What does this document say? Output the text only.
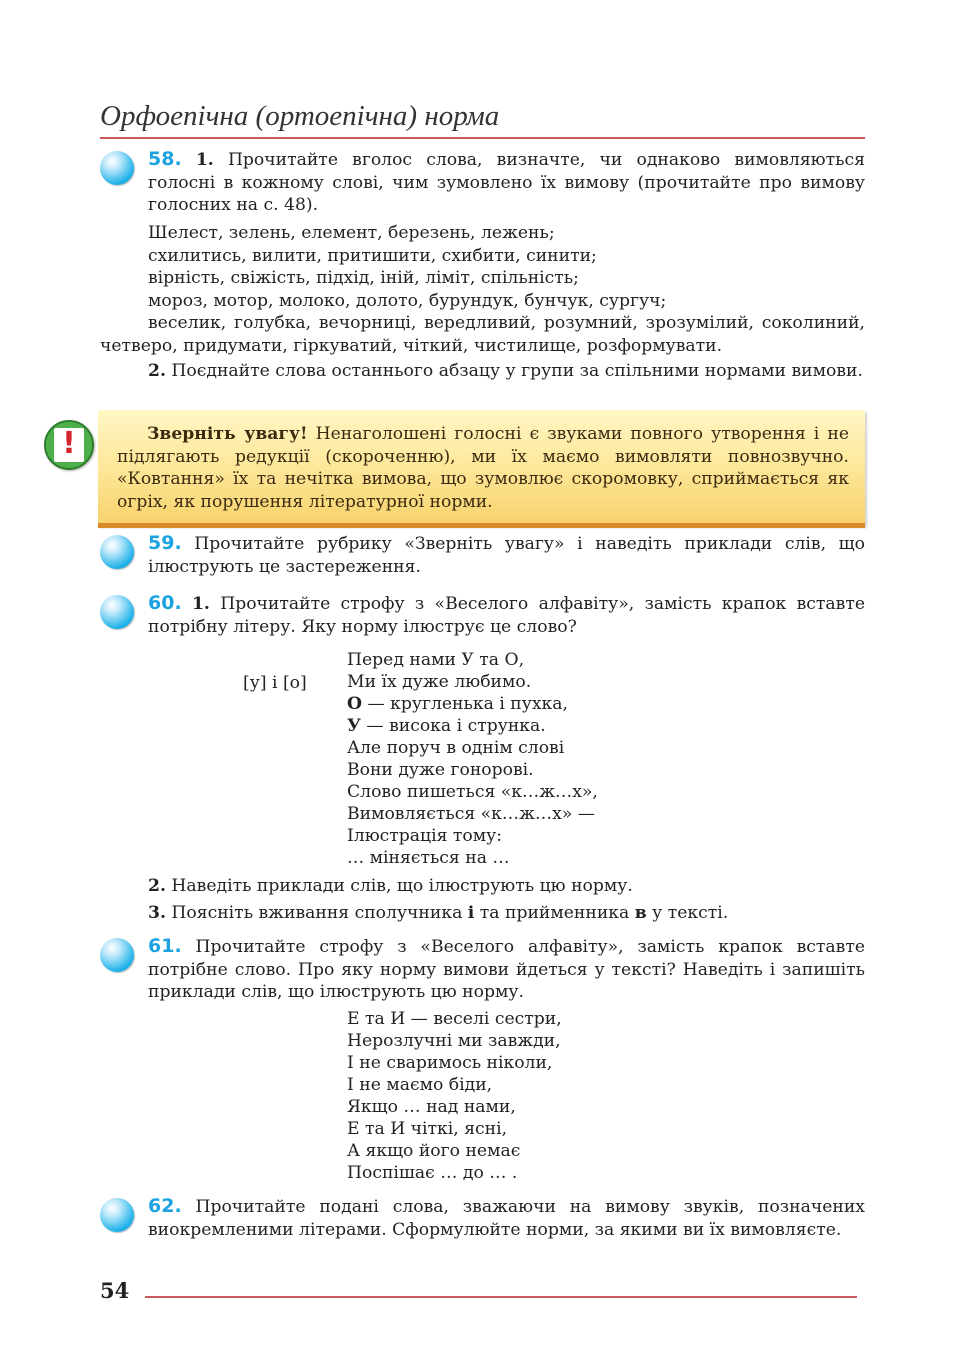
Орфоепічна (ортоепічна) норма
58. 1. Прочитайте вголос слова, визначте, чи однаково вимовляються голосні в кожному слові, чим зумовлено їх вимову (прочитайте про вимову голосних на с. 48).
Шелест, зелень, елемент, березень, лежень;
схилитись, вилити, притишити, схибити, синити;
вірність, свіжість, підхід, іній, ліміт, спільність;
мороз, мотор, молоко, долото, бурундук, бунчук, сургуч;
веселик, голубка, вечорниці, вередливий, розумний, зрозумілий, соколиний, четверо, придумати, гіркуватий, чіткий, чистилище, розформувати.
2. Поєднайте слова останнього абзацу у групи за спільними нормами вимови.
!	Зверніть увагу! Ненаголошені голосні є звуками повного утворення і не підлягають редукції (скороченню), ми їх маємо вимовляти повнозвучно. «Ковтання» їх та нечітка вимова, що зумовлює скоромовку, сприймається як огріх, як порушення літературної норми.
59. Прочитайте рубрику «Зверніть увагу» і наведіть приклади слів, що ілюструють це застереження.
60. 1. Прочитайте строфу з «Веселого алфавіту», замість крапок вставте потрібну літеру. Яку норму ілюструє це слово?
[у] і [о]
Перед нами У та О,
Ми їх дуже любимо.
О — кругленька і пухка,
У — висока і струнка.
Але поруч в однім слові
Вони дуже гонорові.
Слово пишеться «к…ж…х»,
Вимовляється «к…ж…х» —
Ілюстрація тому:
… міняється на …
2. Наведіть приклади слів, що ілюструють цю норму.
3. Поясніть вживання сполучника і та прийменника в у тексті.
61. Прочитайте строфу з «Веселого алфавіту», замість крапок вставте потрібне слово. Про яку норму вимови йдеться у тексті? Наведіть і запишіть приклади слів, що ілюструють цю норму.
Е та И — веселі сестри,
Нерозлучні ми завжди,
І не сваримось ніколи,
І не маємо біди,
Якщо … над нами,
Е та И чіткі, ясні,
А якщо його немає
Поспішає … до … .
62. Прочитайте подані слова, зважаючи на вимову звуків, позначених виокремленими літерами. Сформулюйте норми, за якими ви їх вимовляєте.
54
